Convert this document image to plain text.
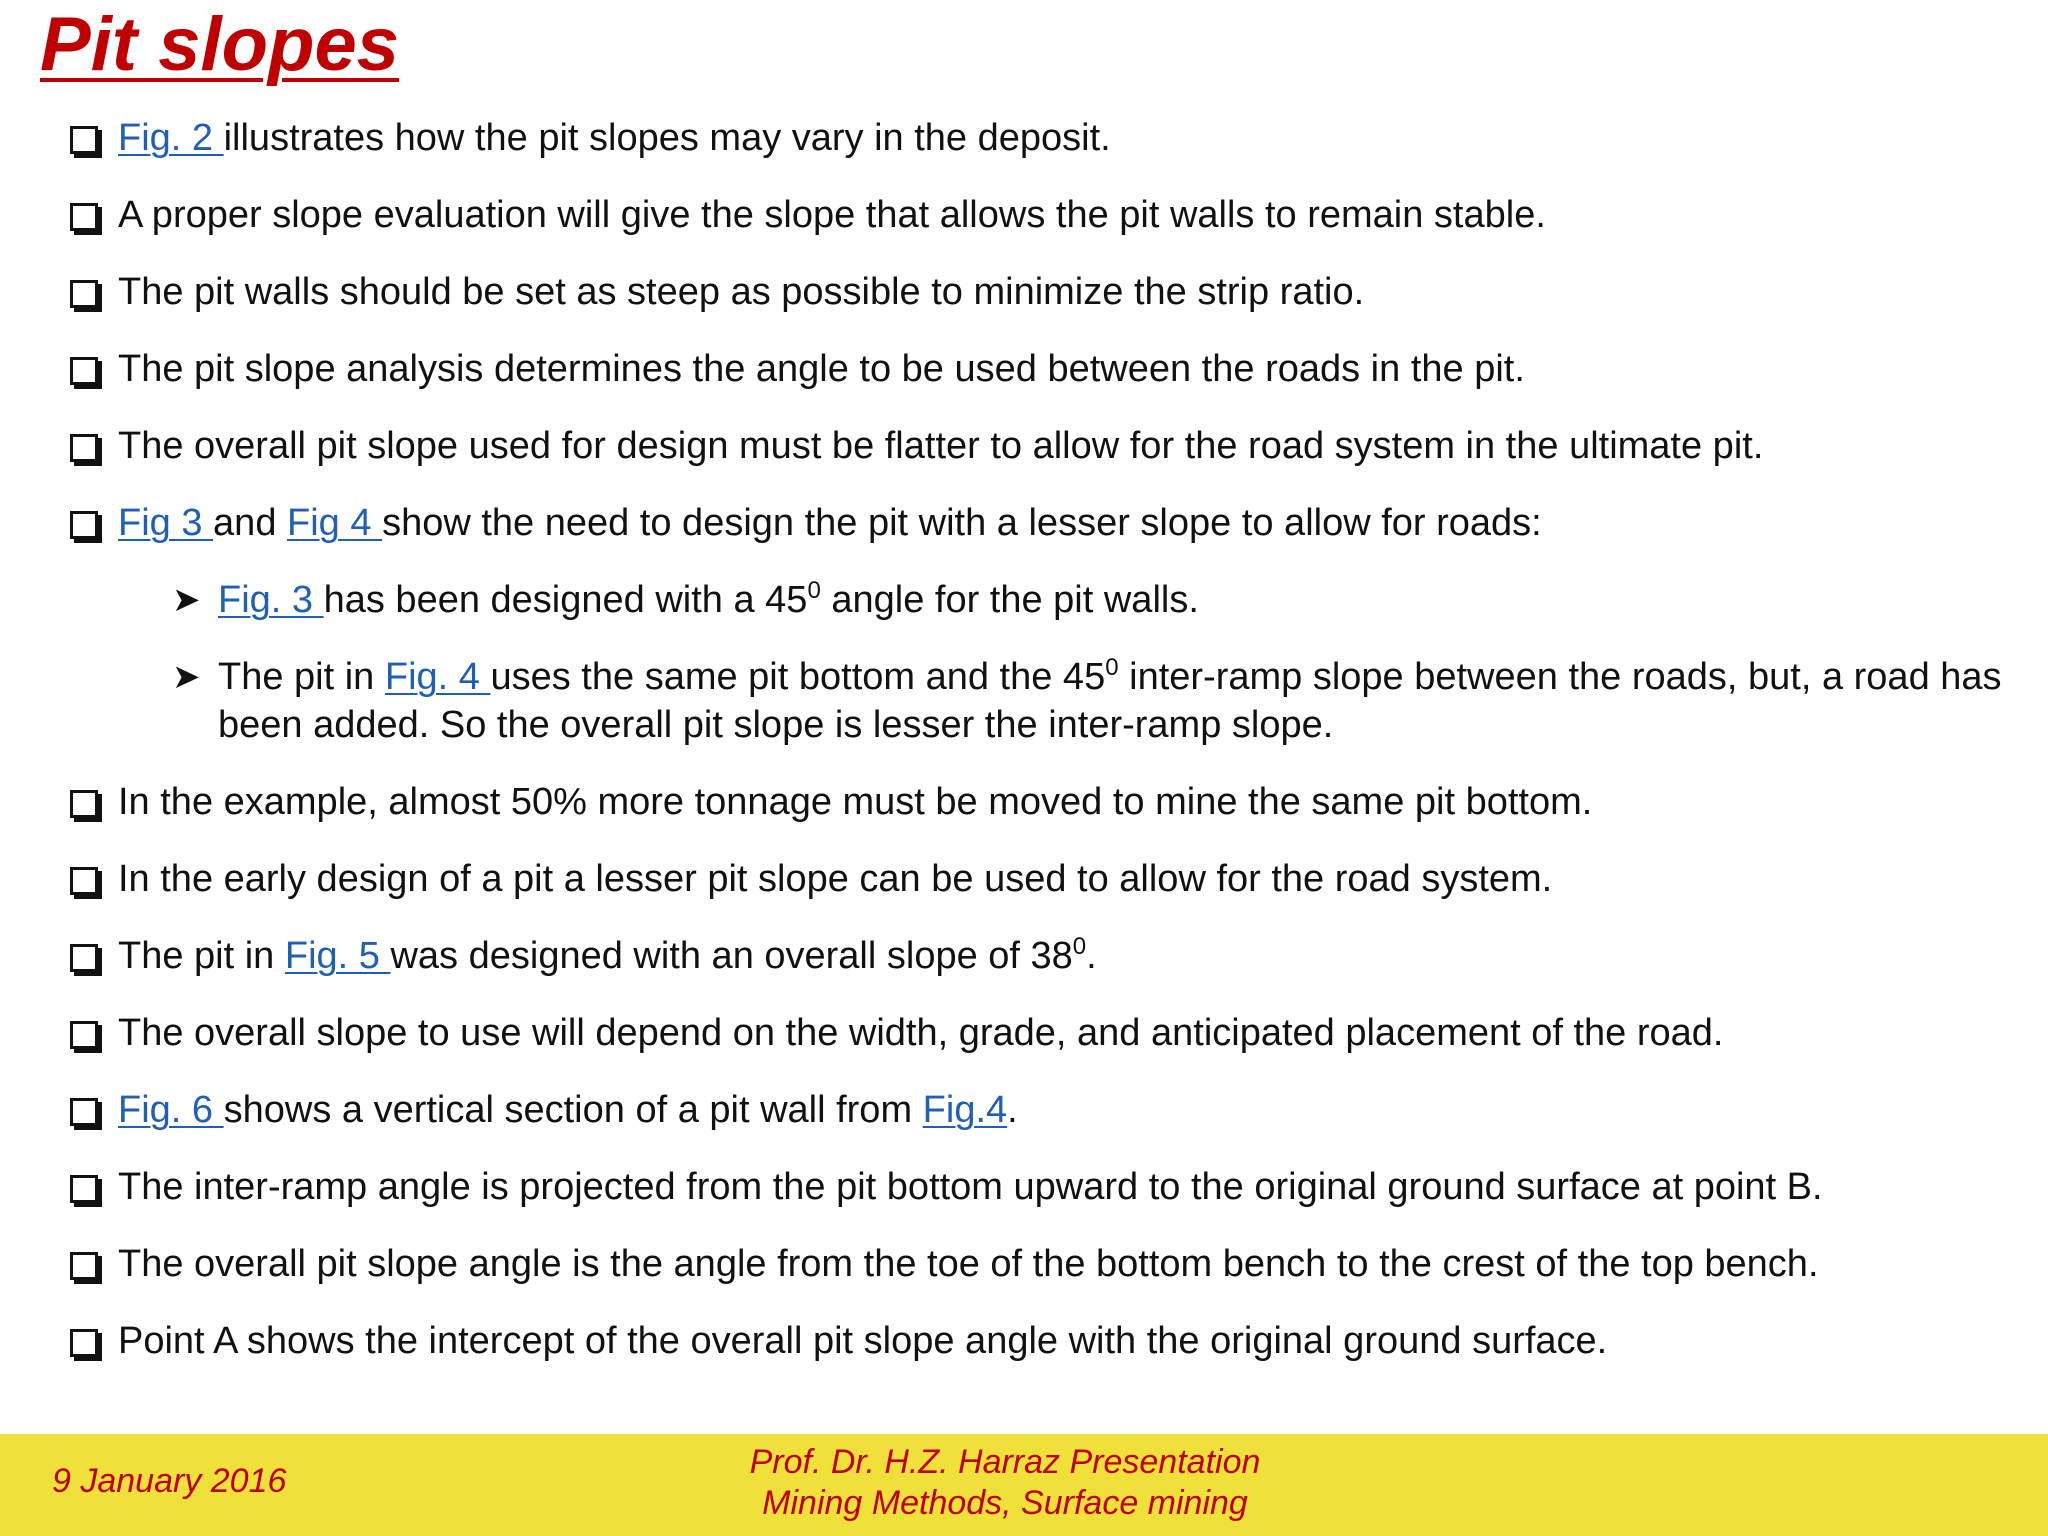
Pit slopes
Fig. 2 illustrates how the pit slopes may vary in the deposit.
A proper slope evaluation will give the slope that allows the pit walls to remain stable.
The pit walls should be set as steep as possible to minimize the strip ratio.
The pit slope analysis determines the angle to be used between the roads in the pit.
The overall pit slope used for design must be flatter to allow for the road system in the ultimate pit.
Fig 3 and Fig 4 show the need to design the pit with a lesser slope to allow for roads:
➤ Fig. 3 has been designed with a $45^0$ angle for the pit walls.
➤ The pit in Fig. 4 uses the same pit bottom and the $45^0$ inter-ramp slope between the roads, but, a road has been added. So the overall pit slope is lesser the inter-ramp slope.
In the example, almost 50% more tonnage must be moved to mine the same pit bottom.
In the early design of a pit a lesser pit slope can be used to allow for the road system.
The pit in Fig. 5 was designed with an overall slope of $38^0$.
The overall slope to use will depend on the width, grade, and anticipated placement of the road.
Fig. 6 shows a vertical section of a pit wall from Fig.4.
The inter-ramp angle is projected from the pit bottom upward to the original ground surface at point B.
The overall pit slope angle is the angle from the toe of the bottom bench to the crest of the top bench.
Point A shows the intercept of the overall pit slope angle with the original ground surface.
9 January 2016	Prof. Dr. H.Z. Harraz Presentation
Mining Methods, Surface mining
